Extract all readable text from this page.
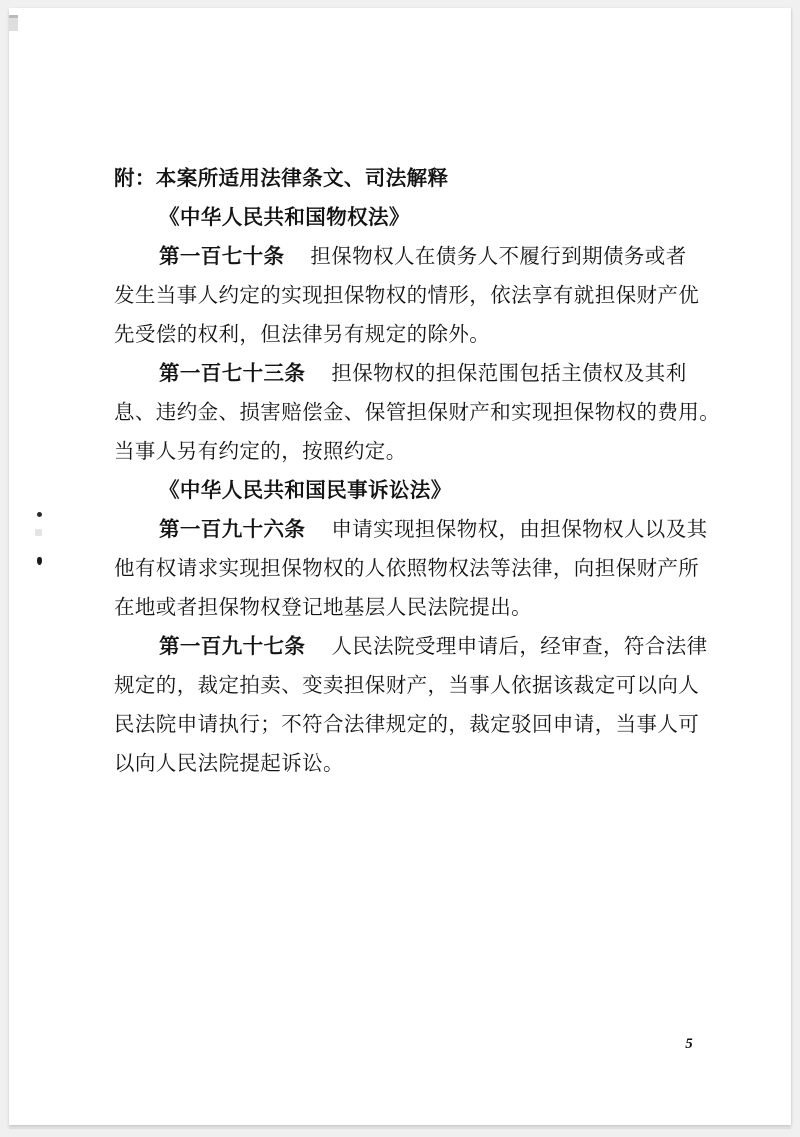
附：本案所适用法律条文、司法解释
《中华人民共和国物权法》
第一百七十条 担保物权人在债务人不履行到期债务或者
发生当事人约定的实现担保物权的情形，依法享有就担保财产优
先受偿的权利，但法律另有规定的除外。
第一百七十三条 担保物权的担保范围包括主债权及其利
息、违约金、损害赔偿金、保管担保财产和实现担保物权的费用。
当事人另有约定的，按照约定。
《中华人民共和国民事诉讼法》
第一百九十六条 申请实现担保物权，由担保物权人以及其
他有权请求实现担保物权的人依照物权法等法律，向担保财产所
在地或者担保物权登记地基层人民法院提出。
第一百九十七条 人民法院受理申请后，经审查，符合法律
规定的，裁定拍卖、变卖担保财产，当事人依据该裁定可以向人
民法院申请执行；不符合法律规定的，裁定驳回申请，当事人可
以向人民法院提起诉讼。
5
